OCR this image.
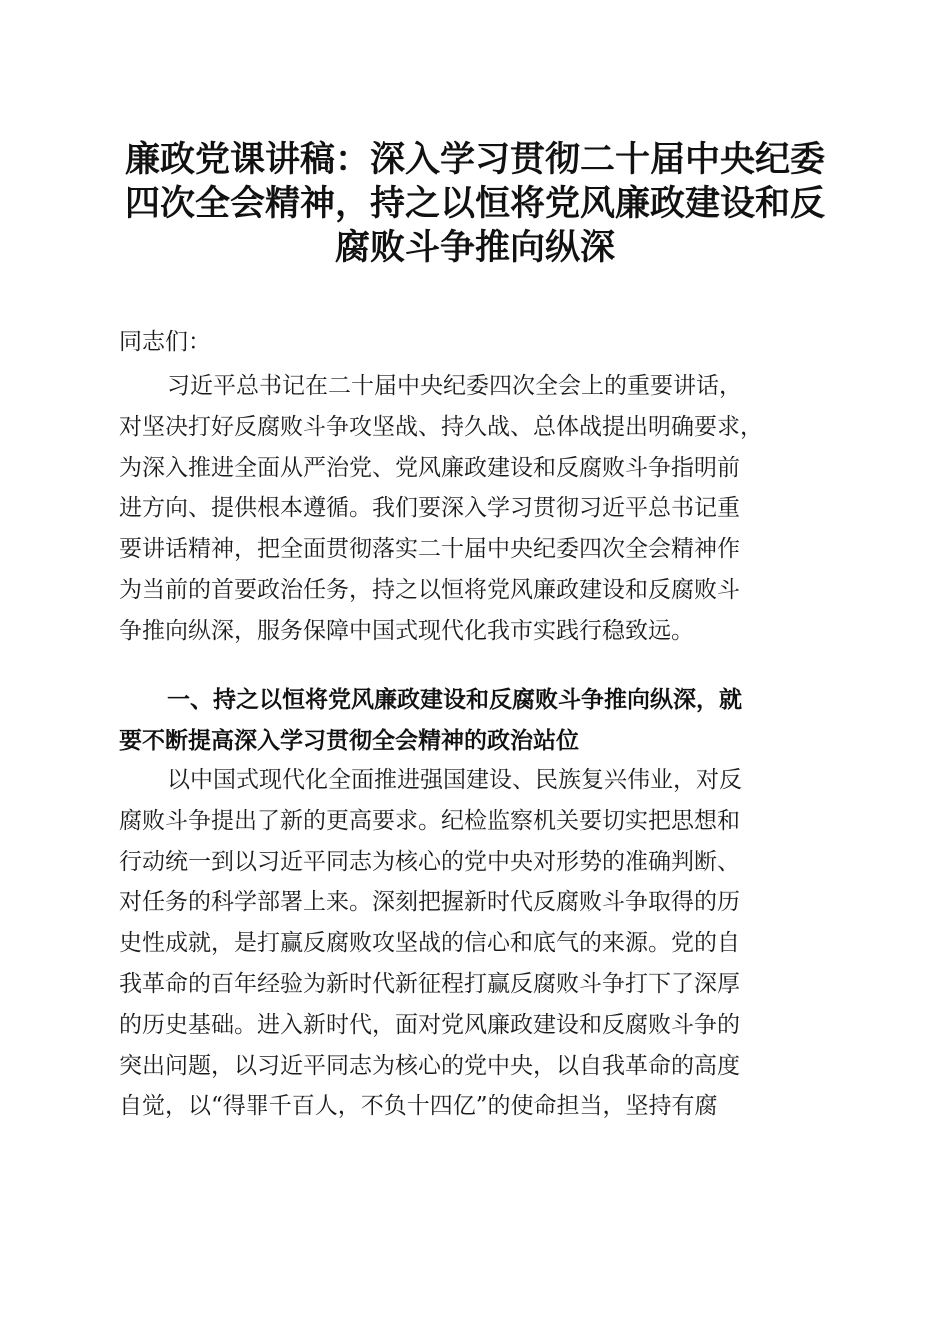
廉政党课讲稿：深入学习贯彻二十届中央纪委
四次全会精神，持之以恒将党风廉政建设和反
腐败斗争推向纵深

同志们：

习近平总书记在二十届中央纪委四次全会上的重要讲话，
对坚决打好反腐败斗争攻坚战、持久战、总体战提出明确要求，
为深入推进全面从严治党、党风廉政建设和反腐败斗争指明前
进方向、提供根本遵循。我们要深入学习贯彻习近平总书记重
要讲话精神，把全面贯彻落实二十届中央纪委四次全会精神作
为当前的首要政治任务，持之以恒将党风廉政建设和反腐败斗
争推向纵深，服务保障中国式现代化我市实践行稳致远。

一、持之以恒将党风廉政建设和反腐败斗争推向纵深，就
要不断提高深入学习贯彻全会精神的政治站位

以中国式现代化全面推进强国建设、民族复兴伟业，对反
腐败斗争提出了新的更高要求。纪检监察机关要切实把思想和
行动统一到以习近平同志为核心的党中央对形势的准确判断、
对任务的科学部署上来。深刻把握新时代反腐败斗争取得的历
史性成就，是打赢反腐败攻坚战的信心和底气的来源。党的自
我革命的百年经验为新时代新征程打赢反腐败斗争打下了深厚
的历史基础。进入新时代，面对党风廉政建设和反腐败斗争的
突出问题，以习近平同志为核心的党中央，以自我革命的高度
自觉，以“得罪千百人，不负十四亿”的使命担当，坚持有腐
